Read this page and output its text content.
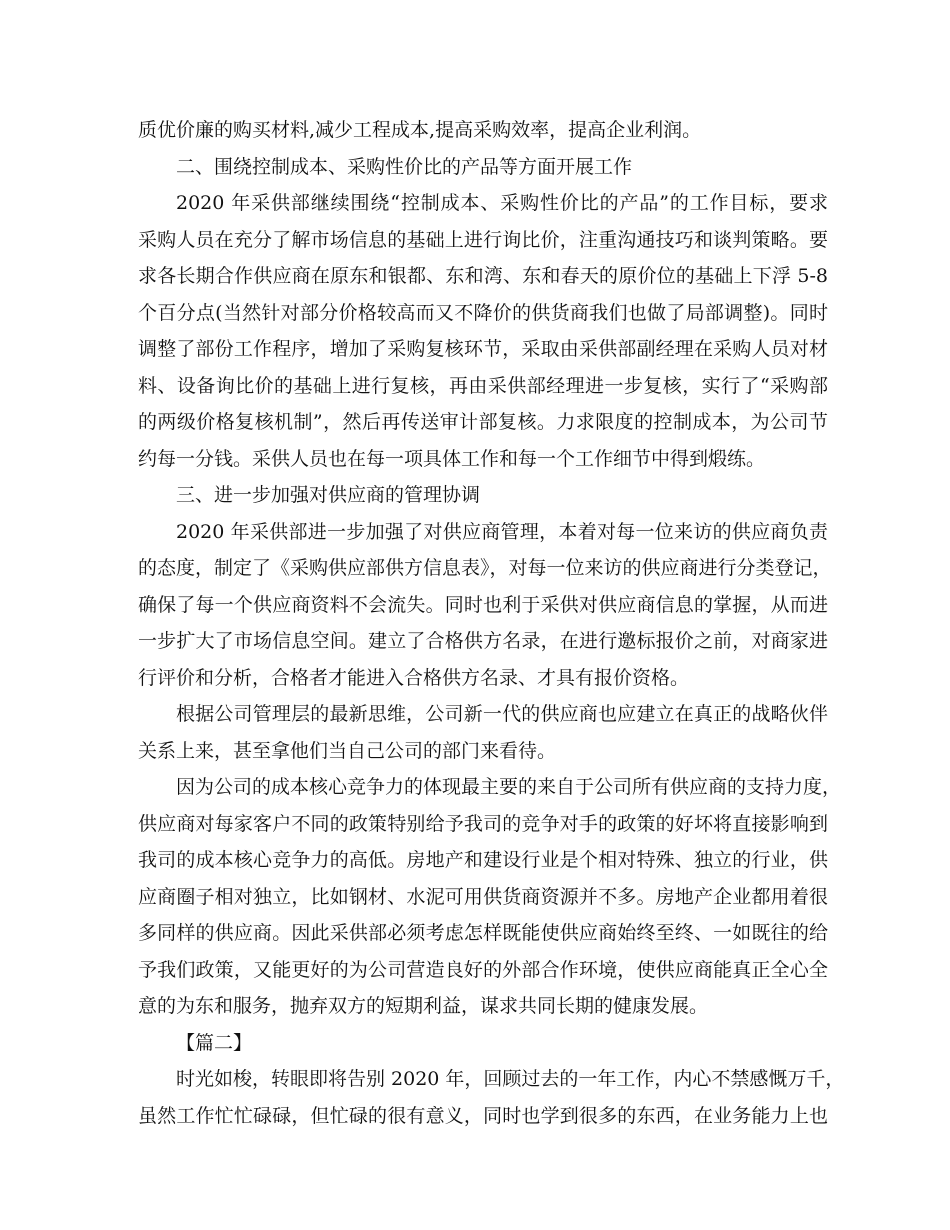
质优价廉的购买材料,减少工程成本,提高采购效率，提高企业利润。
二、围绕控制成本、采购性价比的产品等方面开展工作
2020 年采供部继续围绕“控制成本、采购性价比的产品”的工作目标，要求
采购人员在充分了解市场信息的基础上进行询比价，注重沟通技巧和谈判策略。要
求各长期合作供应商在原东和银都、东和湾、东和春天的原价位的基础上下浮 5-8
个百分点(当然针对部分价格较高而又不降价的供货商我们也做了局部调整)。同时
调整了部份工作程序，增加了采购复核环节，采取由采供部副经理在采购人员对材
料、设备询比价的基础上进行复核，再由采供部经理进一步复核，实行了“采购部
的两级价格复核机制”，然后再传送审计部复核。力求限度的控制成本，为公司节
约每一分钱。采供人员也在每一项具体工作和每一个工作细节中得到煅练。
三、进一步加强对供应商的管理协调
2020 年采供部进一步加强了对供应商管理，本着对每一位来访的供应商负责
的态度，制定了《采购供应部供方信息表》，对每一位来访的供应商进行分类登记，
确保了每一个供应商资料不会流失。同时也利于采供对供应商信息的掌握，从而进
一步扩大了市场信息空间。建立了合格供方名录，在进行邀标报价之前，对商家进
行评价和分析，合格者才能进入合格供方名录、才具有报价资格。
根据公司管理层的最新思维，公司新一代的供应商也应建立在真正的战略伙伴
关系上来，甚至拿他们当自己公司的部门来看待。
因为公司的成本核心竞争力的体现最主要的来自于公司所有供应商的支持力度，
供应商对每家客户不同的政策特别给予我司的竞争对手的政策的好坏将直接影响到
我司的成本核心竞争力的高低。房地产和建设行业是个相对特殊、独立的行业，供
应商圈子相对独立，比如钢材、水泥可用供货商资源并不多。房地产企业都用着很
多同样的供应商。因此采供部必须考虑怎样既能使供应商始终至终、一如既往的给
予我们政策，又能更好的为公司营造良好的外部合作环境，使供应商能真正全心全
意的为东和服务，抛弃双方的短期利益，谋求共同长期的健康发展。
【篇二】
时光如梭，转眼即将告别 2020 年，回顾过去的一年工作，内心不禁感慨万千，
虽然工作忙忙碌碌，但忙碌的很有意义，同时也学到很多的东西，在业务能力上也
